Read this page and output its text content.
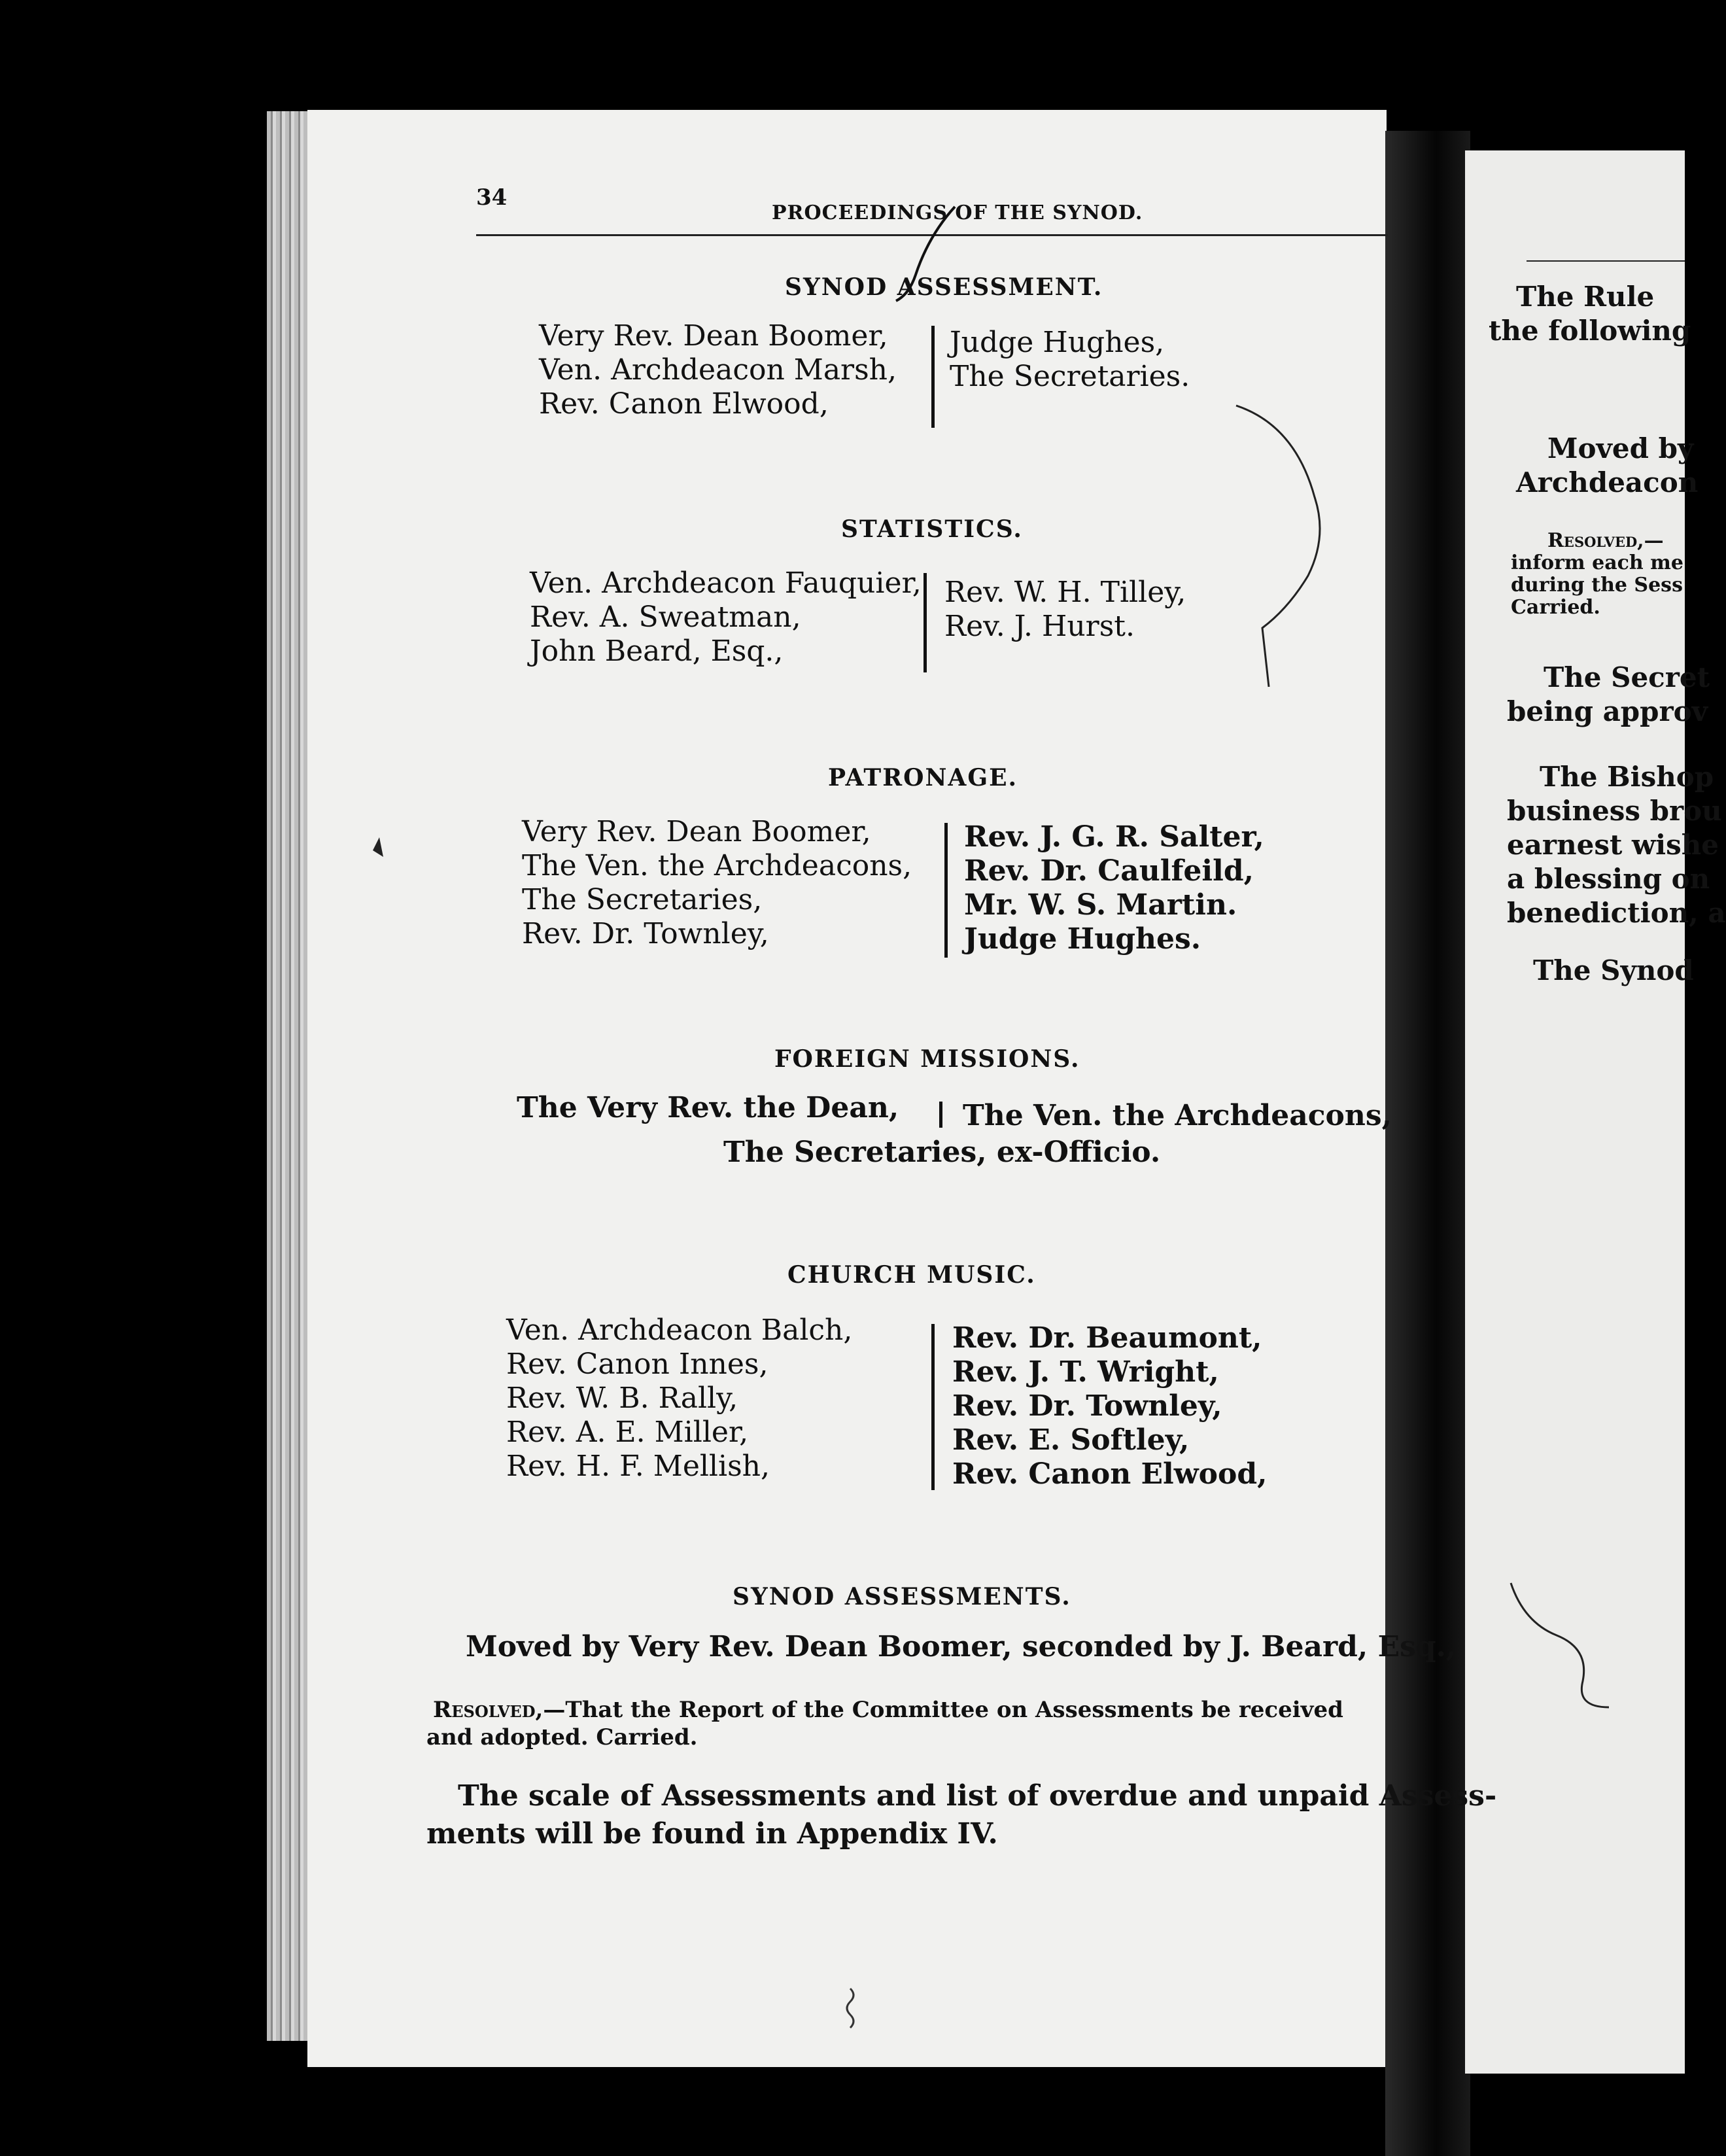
34
PROCEEDINGS OF THE SYNOD.
SYNOD ASSESSMENT.
Very Rev. Dean Boomer,
Ven. Archdeacon Marsh,
Rev. Canon Elwood,
Judge Hughes,
The Secretaries.
STATISTICS.
Ven. Archdeacon Fauquier,
Rev. A. Sweatman,
John Beard, Esq.,
Rev. W. H. Tilley,
Rev. J. Hurst.
PATRONAGE.
Very Rev. Dean Boomer,
The Ven. the Archdeacons,
The Secretaries,
Rev. Dr. Townley,
Rev. J. G. R. Salter,
Rev. Dr. Caulfeild,
Mr. W. S. Martin.
Judge Hughes.
FOREIGN MISSIONS.
The Very Rev. the Dean, The Ven. the Archdeacons,
The Secretaries, ex-Officio.
CHURCH MUSIC.
Ven. Archdeacon Balch,
Rev. Canon Innes,
Rev. W. B. Rally,
Rev. A. E. Miller,
Rev. H. F. Mellish,
Rev. Dr. Beaumont,
Rev. J. T. Wright,
Rev. Dr. Townley,
Rev. E. Softley,
Rev. Canon Elwood,
SYNOD ASSESSMENTS.
Moved by Very Rev. Dean Boomer, seconded by J. Beard, Esq.,
Resolved,—That the Report of the Committee on Assessments be received
and adopted. Carried.
The scale of Assessments and list of overdue and unpaid Assess-
ments will be found in Appendix IV.
The Rule
the following
Moved by
Archdeacon
Resolved,—
inform each me
during the Sess
Carried.
The Secret
being approv
The Bishop
business brou
earnest wishe
a blessing on
benediction, a
The Synod
